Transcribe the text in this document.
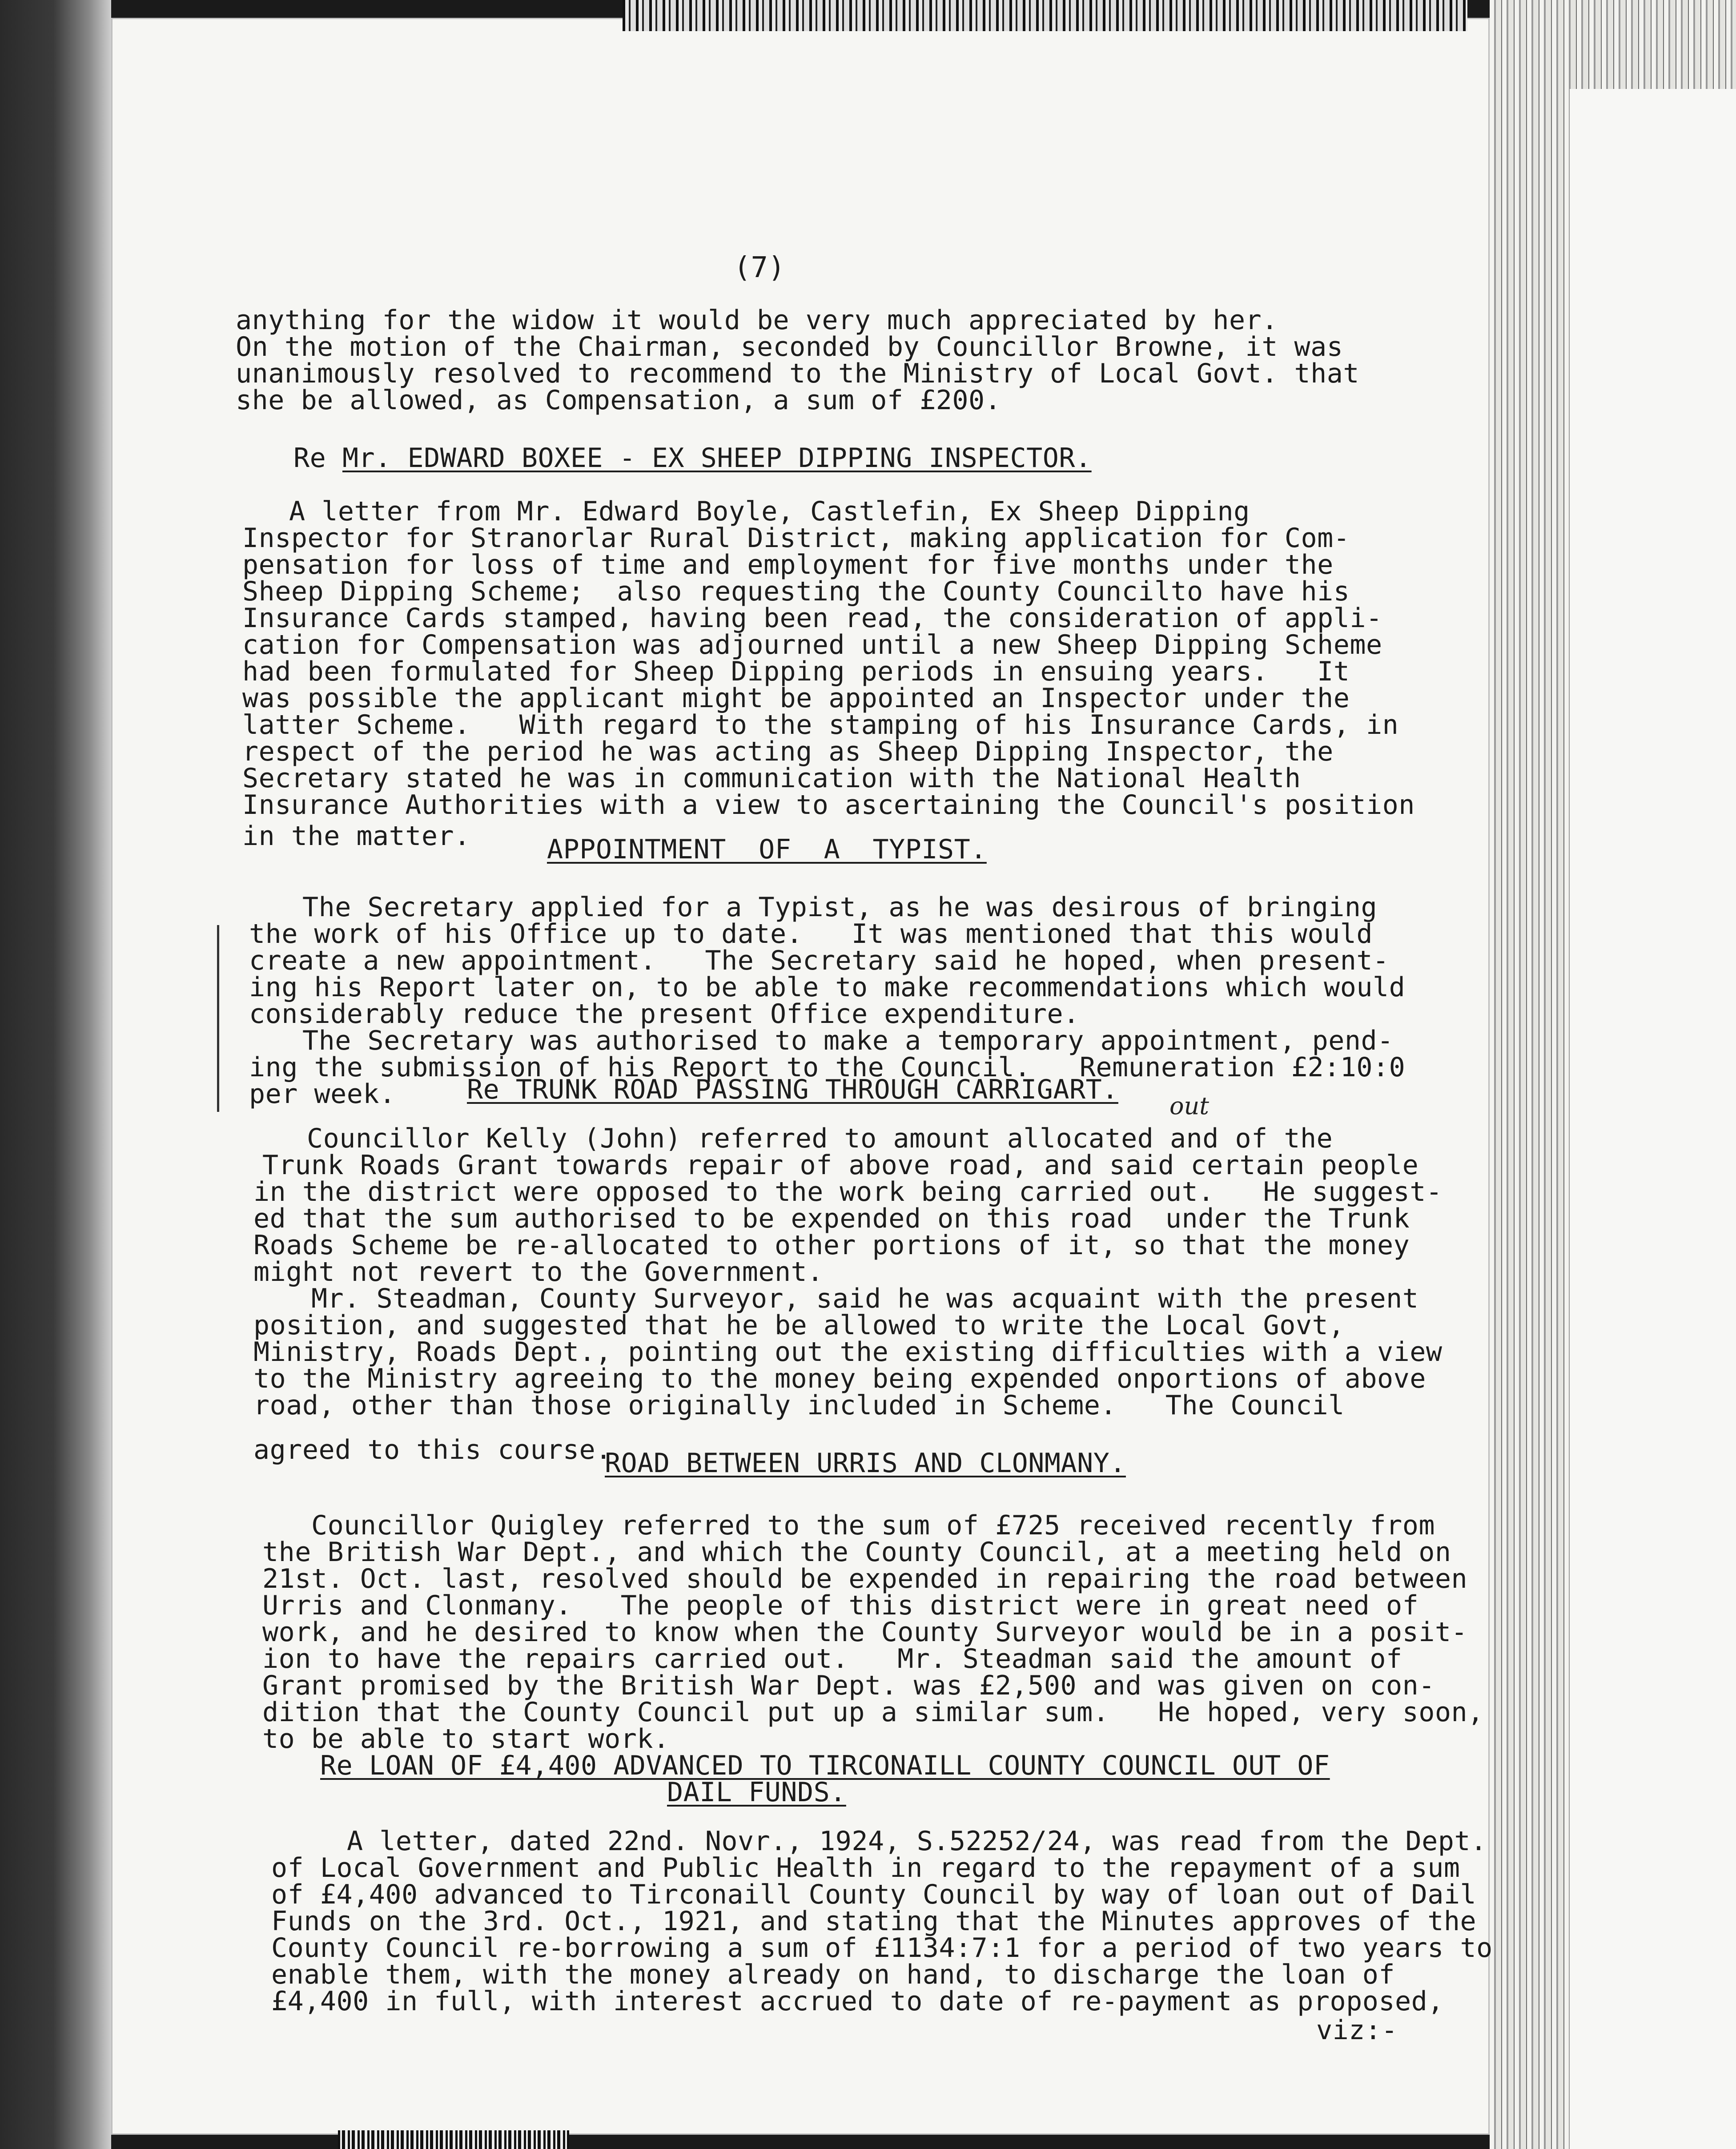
(7)
anything for the widow it would be very much appreciated by her.
On the motion of the Chairman, seconded by Councillor Browne, it was
unanimously resolved to recommend to the Ministry of Local Govt. that
she be allowed, as Compensation, a sum of £200.
Re Mr. EDWARD BOXEE - EX SHEEP DIPPING INSPECTOR.
A letter from Mr. Edward Boyle, Castlefin, Ex Sheep Dipping
Inspector for Stranorlar Rural District, making application for Com-
pensation for loss of time and employment for five months under the
Sheep Dipping Scheme;  also requesting the County Councilto have his
Insurance Cards stamped, having been read, the consideration of appli-
cation for Compensation was adjourned until a new Sheep Dipping Scheme
had been formulated for Sheep Dipping periods in ensuing years.   It
was possible the applicant might be appointed an Inspector under the
latter Scheme.   With regard to the stamping of his Insurance Cards, in
respect of the period he was acting as Sheep Dipping Inspector, the
Secretary stated he was in communication with the National Health
Insurance Authorities with a view to ascertaining the Council's position
in the matter.	APPOINTMENT  OF  A  TYPIST.
The Secretary applied for a Typist, as he was desirous of bringing
the work of his Office up to date.   It was mentioned that this would
create a new appointment.   The Secretary said he hoped, when present-
ing his Report later on, to be able to make recommendations which would
considerably reduce the present Office expenditure.
The Secretary was authorised to make a temporary appointment, pend-
ing the submission of his Report to the Council.   Remuneration £2:10:0
per week.	Re TRUNK ROAD PASSING THROUGH CARRIGART.
out
Councillor Kelly (John) referred to amount allocated and of the
Trunk Roads Grant towards repair of above road, and said certain people
in the district were opposed to the work being carried out.   He suggest-
ed that the sum authorised to be expended on this road  under the Trunk
Roads Scheme be re-allocated to other portions of it, so that the money
might not revert to the Government.
Mr. Steadman, County Surveyor, said he was acquaint with the present
position, and suggested that he be allowed to write the Local Govt,
Ministry, Roads Dept., pointing out the existing difficulties with a view
to the Ministry agreeing to the money being expended onportions of above
road, other than those originally included in Scheme.   The Council
agreed to this course.
ROAD BETWEEN URRIS AND CLONMANY.
Councillor Quigley referred to the sum of £725 received recently from
the British War Dept., and which the County Council, at a meeting held on
21st. Oct. last, resolved should be expended in repairing the road between
Urris and Clonmany.   The people of this district were in great need of
work, and he desired to know when the County Surveyor would be in a posit-
ion to have the repairs carried out.   Mr. Steadman said the amount of
Grant promised by the British War Dept. was £2,500 and was given on con-
dition that the County Council put up a similar sum.   He hoped, very soon,
to be able to start work.
Re LOAN OF £4,400 ADVANCED TO TIRCONAILL COUNTY COUNCIL OUT OF
DAIL FUNDS.
A letter, dated 22nd. Novr., 1924, S.52252/24, was read from the Dept.
of Local Government and Public Health in regard to the repayment of a sum
of £4,400 advanced to Tirconaill County Council by way of loan out of Dail
Funds on the 3rd. Oct., 1921, and stating that the Minutes approves of the
County Council re-borrowing a sum of £1134:7:1 for a period of two years to
enable them, with the money already on hand, to discharge the loan of
£4,400 in full, with interest accrued to date of re-payment as proposed,
viz:-
